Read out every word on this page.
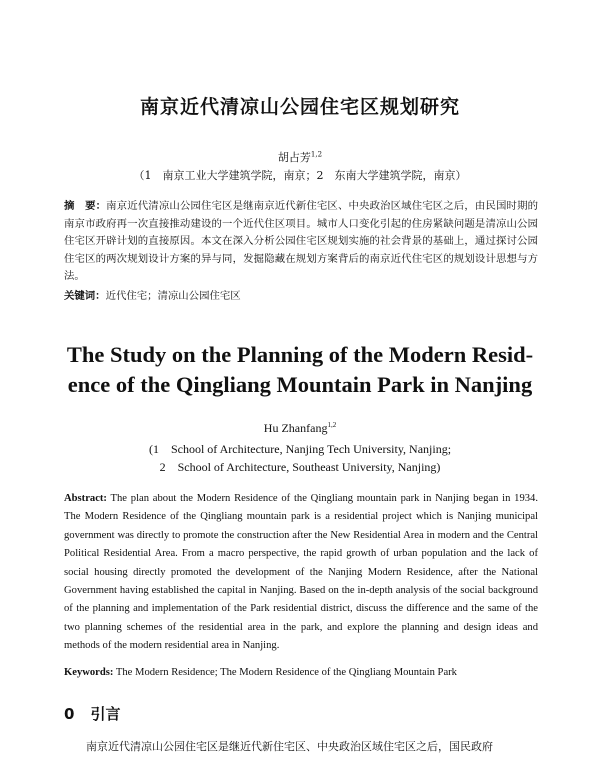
南京近代清凉山公园住宅区规划研究
胡占芳$^{1,2}$
（1　南京工业大学建筑学院，南京；2　东南大学建筑学院，南京）
摘　要：南京近代清凉山公园住宅区是继南京近代新住宅区、中央政治区域住宅区之后，由民国时期的南京市政府再一次直接推动建设的一个近代住区项目。城市人口变化引起的住房紧缺问题是清凉山公园住宅区开辟计划的直接原因。本文在深入分析公园住宅区规划实施的社会背景的基础上，通过探讨公园住宅区的两次规划设计方案的异与同，发掘隐藏在规划方案背后的南京近代住宅区的规划设计思想与方法。
关键词：近代住宅；清凉山公园住宅区
The Study on the Planning of the Modern Resid-
ence of the Qingliang Mountain Park in Nanjing
Hu Zhanfang$^{1,2}$
(1　School of Architecture, Nanjing Tech University, Nanjing;
2　School of Architecture, Southeast University, Nanjing)
Abstract: The plan about the Modern Residence of the Qingliang mountain park in Nanjing began in 1934. The Modern Residence of the Qingliang mountain park is a residential project which is Nanjing municipal government was directly to promote the construction after the New Residential Area in modern and the Central Political Residential Area. From a macro perspective, the rapid growth of urban population and the lack of social housing directly promoted the development of the Nanjing Modern Residence, after the National Government having established the capital in Nanjing. Based on the in-depth analysis of the social background of the planning and implementation of the Park residential district, discuss the difference and the same of the two planning schemes of the residential area in the park, and explore the planning and design ideas and methods of the modern residential area in Nanjing.
Keywords: The Modern Residence; The Modern Residence of the Qingliang Mountain Park
0 引言
南京近代清凉山公园住宅区是继近代新住宅区、中央政治区域住宅区之后，国民政府
